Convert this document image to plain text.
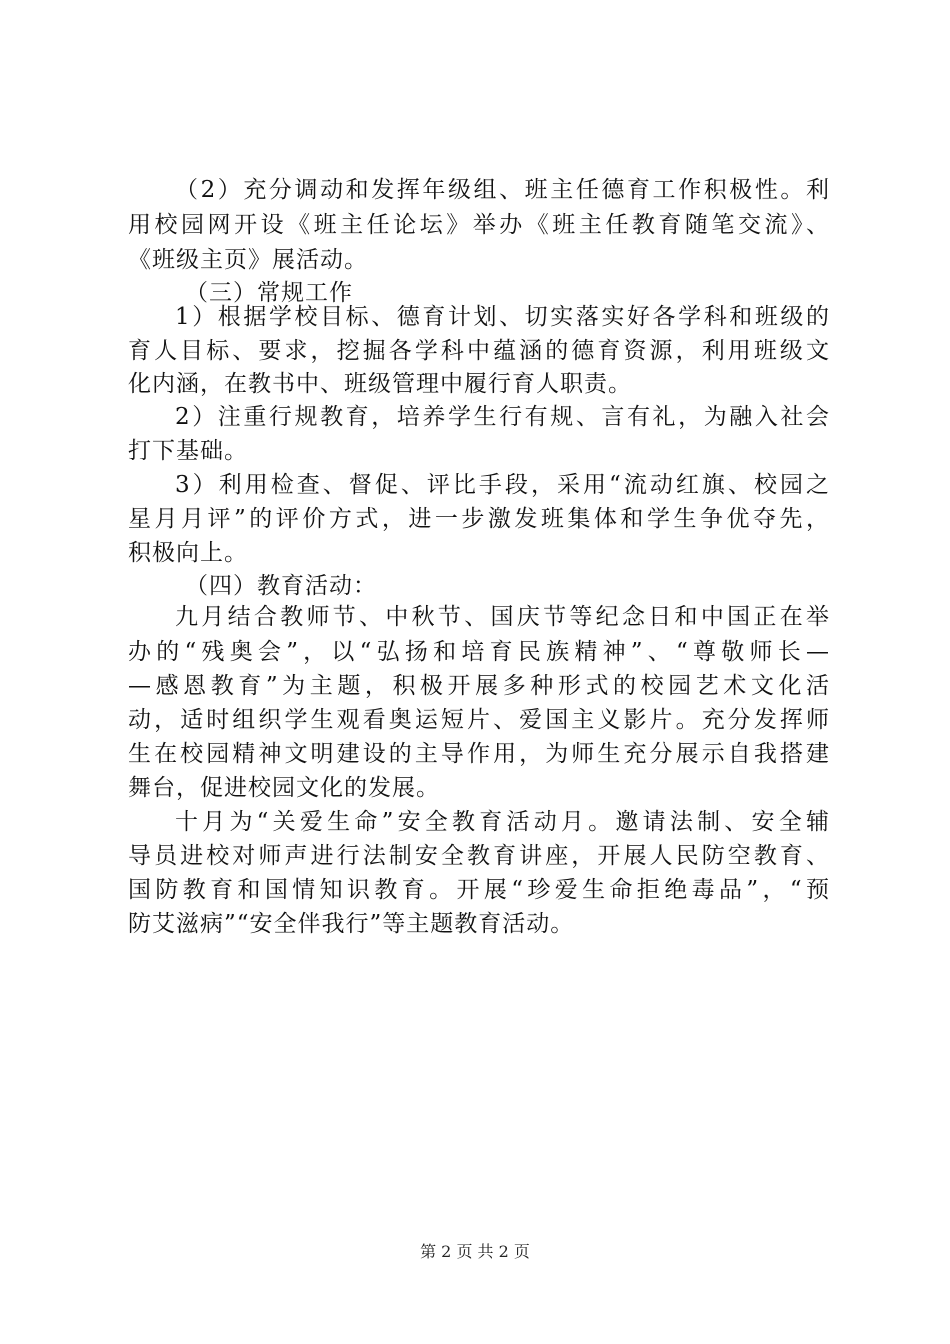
（2）充分调动和发挥年级组、班主任德育工作积极性。利
用校园网开设《班主任论坛》举办《班主任教育随笔交流》、
《班级主页》展活动。
（三）常规工作
1）根据学校目标、德育计划、切实落实好各学科和班级的
育人目标、要求，挖掘各学科中蕴涵的德育资源，利用班级文
化内涵，在教书中、班级管理中履行育人职责。
2）注重行规教育，培养学生行有规、言有礼，为融入社会
打下基础。
3）利用检查、督促、评比手段，采用“流动红旗、校园之
星月月评”的评价方式，进一步激发班集体和学生争优夺先，
积极向上。
（四）教育活动：
九月结合教师节、中秋节、国庆节等纪念日和中国正在举
办的“残奥会”，以“弘扬和培育民族精神”、“尊敬师长—
—感恩教育”为主题，积极开展多种形式的校园艺术文化活
动，适时组织学生观看奥运短片、爱国主义影片。充分发挥师
生在校园精神文明建设的主导作用，为师生充分展示自我搭建
舞台，促进校园文化的发展。
十月为“关爱生命”安全教育活动月。邀请法制、安全辅
导员进校对师声进行法制安全教育讲座，开展人民防空教育、
国防教育和国情知识教育。开展“珍爱生命拒绝毒品”，“预
防艾滋病”“安全伴我行”等主题教育活动。
第 2 页 共 2 页
